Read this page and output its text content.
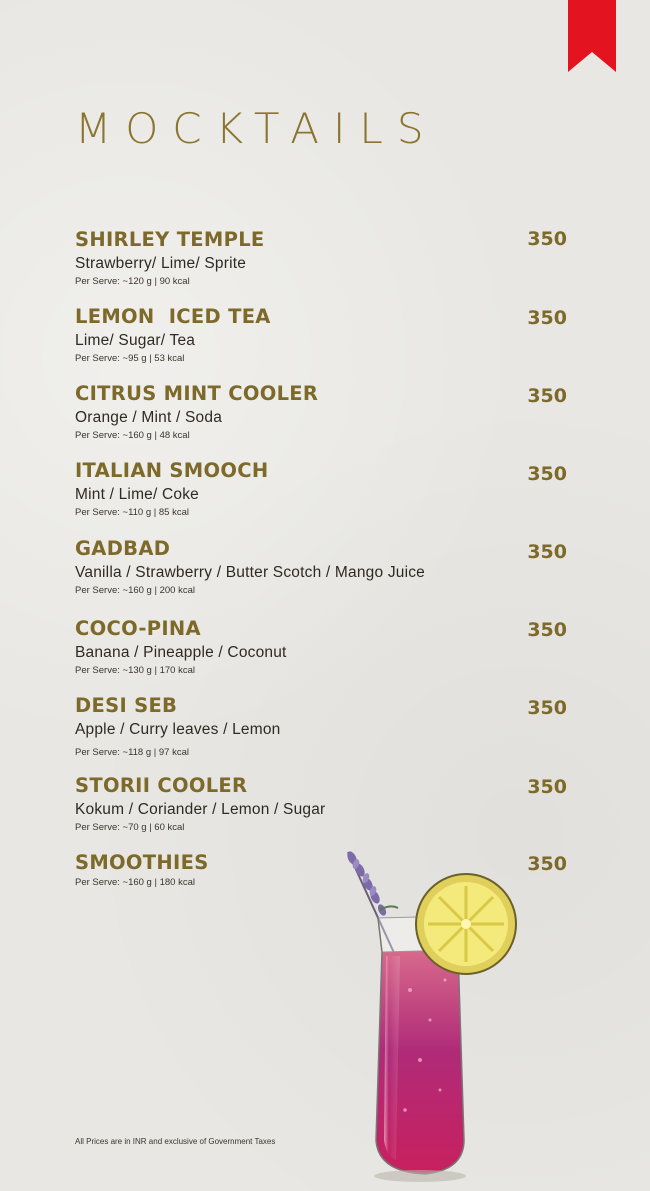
MOCKTAILS
SHIRLEY TEMPLE	350
Strawberry/ Lime/ Sprite
Per Serve: ~120 g | 90 kcal
LEMON  ICED TEA	350
Lime/ Sugar/ Tea
Per Serve: ~95 g | 53 kcal
CITRUS MINT COOLER	350
Orange / Mint / Soda
Per Serve: ~160 g | 48 kcal
ITALIAN SMOOCH	350
Mint / Lime/ Coke
Per Serve: ~110 g | 85 kcal
GADBAD	350
Vanilla / Strawberry / Butter Scotch / Mango Juice
Per Serve: ~160 g | 200 kcal
COCO-PINA	350
Banana / Pineapple / Coconut
Per Serve: ~130 g | 170 kcal
DESI SEB	350
Apple / Curry leaves / Lemon
Per Serve: ~118 g | 97 kcal
STORII COOLER	350
Kokum / Coriander / Lemon / Sugar
Per Serve: ~70 g | 60 kcal
SMOOTHIES	350
Per Serve: ~160 g | 180 kcal
All Prices are in INR and exclusive of Government Taxes
